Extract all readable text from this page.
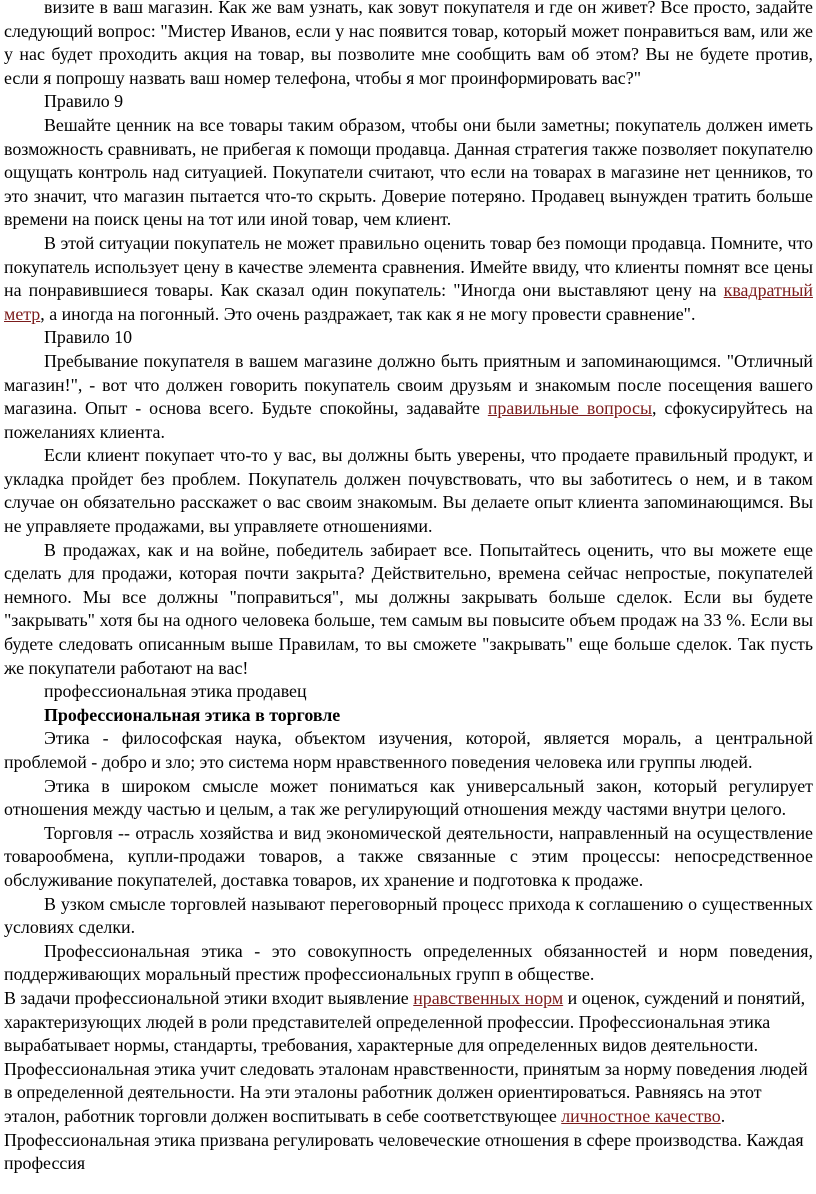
визите в ваш магазин. Как же вам узнать, как зовут покупателя и где он живет? Все просто, задайте следующий вопрос: "Мистер Иванов, если у нас появится товар, который может понравиться вам, или же у нас будет проходить акция на товар, вы позволите мне сообщить вам об этом? Вы не будете против, если я попрошу назвать ваш номер телефона, чтобы я мог проинформировать вас?"

Правило 9

Вешайте ценник на все товары таким образом, чтобы они были заметны; покупатель должен иметь возможность сравнивать, не прибегая к помощи продавца. Данная стратегия также позволяет покупателю ощущать контроль над ситуацией. Покупатели считают, что если на товарах в магазине нет ценников, то это значит, что магазин пытается что-то скрыть. Доверие потеряно. Продавец вынужден тратить больше времени на поиск цены на тот или иной товар, чем клиент.

В этой ситуации покупатель не может правильно оценить товар без помощи продавца. Помните, что покупатель использует цену в качестве элемента сравнения. Имейте ввиду, что клиенты помнят все цены на понравившиеся товары. Как сказал один покупатель: "Иногда они выставляют цену на квадратный метр, а иногда на погонный. Это очень раздражает, так как я не могу провести сравнение".

Правило 10

Пребывание покупателя в вашем магазине должно быть приятным и запоминающимся. "Отличный магазин!", - вот что должен говорить покупатель своим друзьям и знакомым после посещения вашего магазина. Опыт - основа всего. Будьте спокойны, задавайте правильные вопросы, сфокусируйтесь на пожеланиях клиента.

Если клиент покупает что-то у вас, вы должны быть уверены, что продаете правильный продукт, и укладка пройдет без проблем. Покупатель должен почувствовать, что вы заботитесь о нем, и в таком случае он обязательно расскажет о вас своим знакомым. Вы делаете опыт клиента запоминающимся. Вы не управляете продажами, вы управляете отношениями.

В продажах, как и на войне, победитель забирает все. Попытайтесь оценить, что вы можете еще сделать для продажи, которая почти закрыта? Действительно, времена сейчас непростые, покупателей немного. Мы все должны "поправиться", мы должны закрывать больше сделок. Если вы будете "закрывать" хотя бы на одного человека больше, тем самым вы повысите объем продаж на 33 %. Если вы будете следовать описанным выше Правилам, то вы сможете "закрывать" еще больше сделок. Так пусть же покупатели работают на вас!

профессиональная этика продавец

Профессиональная этика в торговле

Этика - философская наука, объектом изучения, которой, является мораль, а центральной проблемой - добро и зло; это система норм нравственного поведения человека или группы людей.

Этика в широком смысле может пониматься как универсальный закон, который регулирует отношения между частью и целым, а так же регулирующий отношения между частями внутри целого.

Торговля -- отрасль хозяйства и вид экономической деятельности, направленный на осуществление товарообмена, купли-продажи товаров, а также связанные с этим процессы: непосредственное обслуживание покупателей, доставка товаров, их хранение и подготовка к продаже.

В узком смысле торговлей называют переговорный процесс прихода к соглашению о существенных условиях сделки.

Профессиональная этика - это совокупность определенных обязанностей и норм поведения, поддерживающих моральный престиж профессиональных групп в обществе.

В задачи профессиональной этики входит выявление нравственных норм и оценок, суждений и понятий, характеризующих людей в роли представителей определенной профессии. Профессиональная этика вырабатывает нормы, стандарты, требования, характерные для определенных видов деятельности. Профессиональная этика учит следовать эталонам нравственности, принятым за норму поведения людей в определенной деятельности. На эти эталоны работник должен ориентироваться. Равняясь на этот эталон, работник торговли должен воспитывать в себе соответствующее личностное качество. Профессиональная этика призвана регулировать человеческие отношения в сфере производства. Каждая профессия
